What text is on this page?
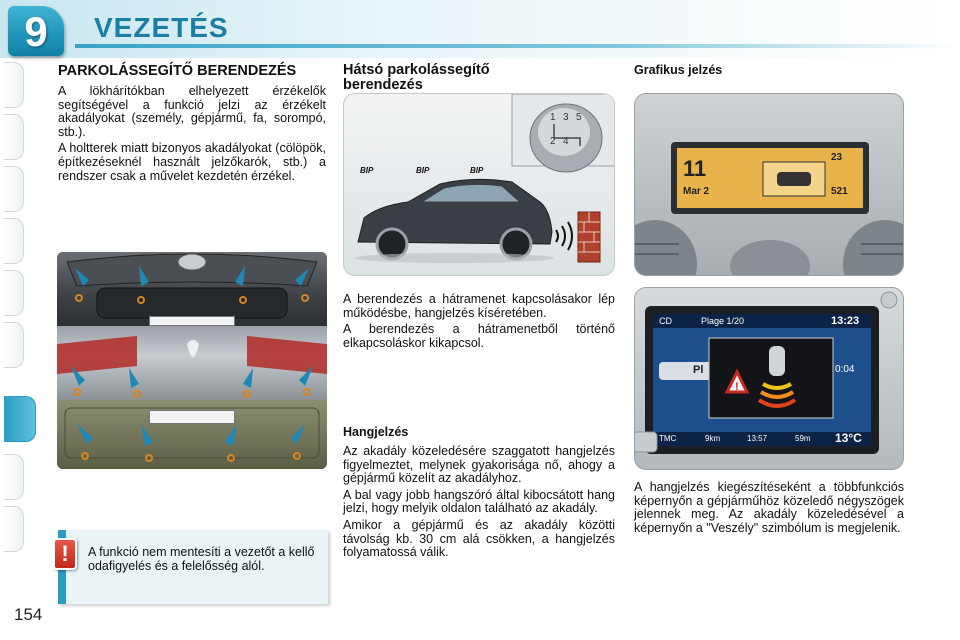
9	VEZETÉS
PARKOLÁSSEGÍTŐ BERENDEZÉS

A lökhárítókban elhelyezett érzékelők segítségével a funkció jelzi az érzékelt akadályokat (személy, gépjármű, fa, sorompó, stb.).

A holtterek miatt bizonyos akadályokat (cölöpök, építkezéseknél használt jelzőkarók, stb.) a rendszer csak a művelet kezdetén érzékel.

Hátsó parkolássegítő berendezés
1 3 5
2 4
BIP	BIP	BIP

A berendezés a hátramenet kapcsolásakor lép működésbe, hangjelzés kíséretében.

A berendezés a hátramenetből történő elkapcsoláskor kikapcsol.

Hangjelzés

Az akadály közeledésére szaggatott hangjelzés figyelmeztet, melynek gyakorisága nő, ahogy a gépjármű közelít az akadályhoz.

A bal vagy jobb hangszóró által kibocsátott hang jelzi, hogy melyik oldalon található az akadály.

Amikor a gépjármű és az akadály közötti távolság kb. 30 cm alá csökken, a hangjelzés folyamatossá válik.

Grafikus jelzés
11
Mar 2
23
521
!
CD	Plage 1/20	13:23
Pl	0:04
TMC	9km	13:57	59m 13°C

A hangjelzés kiegészítéseként a többfunkciós képernyőn a gépjárműhöz közeledő négyszögek jelennek meg. Az akadály közeledésével a képernyőn a "Veszély" szimbólum is megjelenik.

A funkció nem mentesíti a vezetőt a kellő odafigyelés és a felelősség alól.
!
154
